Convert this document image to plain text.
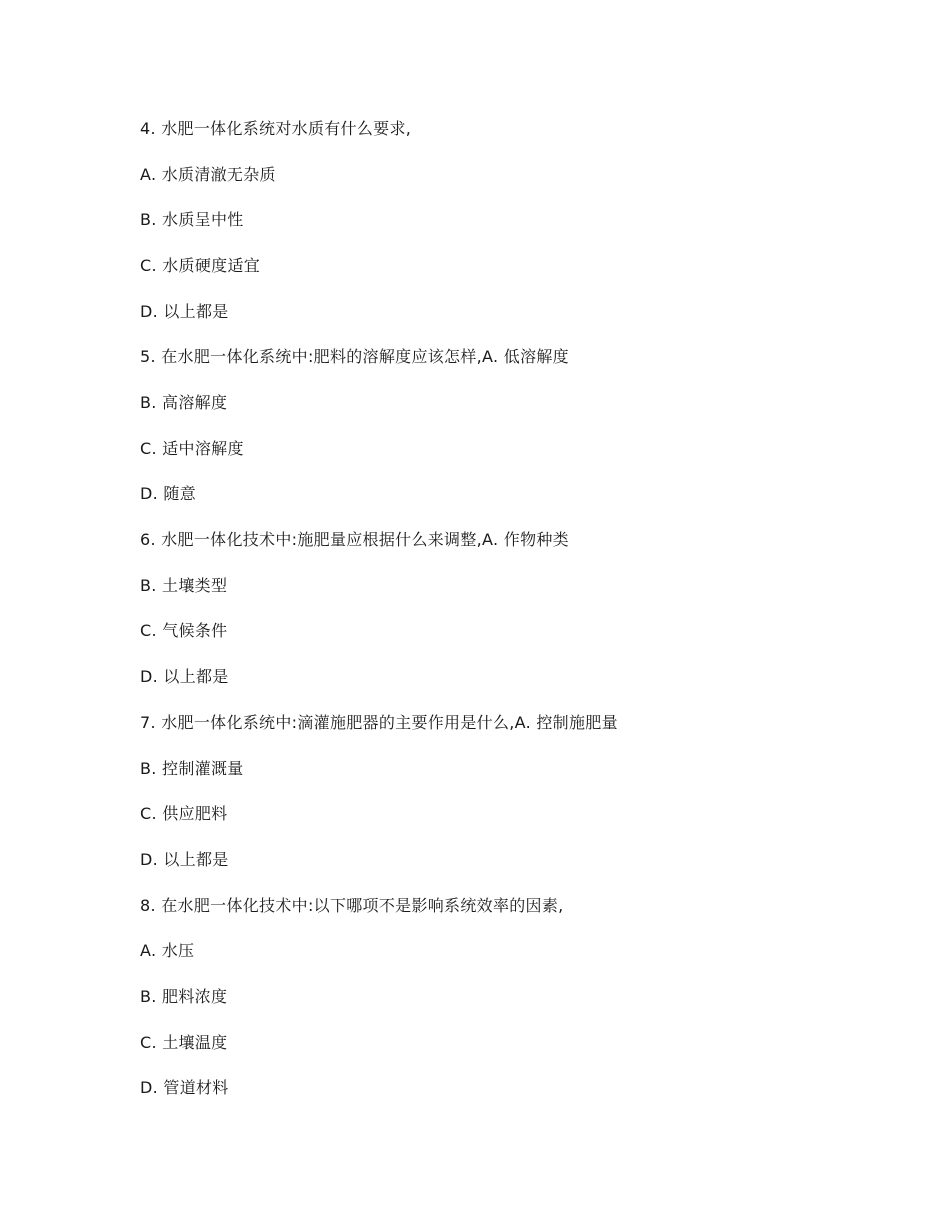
4. 水肥一体化系统对水质有什么要求,
A. 水质清澈无杂质
B. 水质呈中性
C. 水质硬度适宜
D. 以上都是
5. 在水肥一体化系统中:肥料的溶解度应该怎样,A. 低溶解度
B. 高溶解度
C. 适中溶解度
D. 随意
6. 水肥一体化技术中:施肥量应根据什么来调整,A. 作物种类
B. 土壤类型
C. 气候条件
D. 以上都是
7. 水肥一体化系统中:滴灌施肥器的主要作用是什么,A. 控制施肥量
B. 控制灌溉量
C. 供应肥料
D. 以上都是
8. 在水肥一体化技术中:以下哪项不是影响系统效率的因素,
A. 水压
B. 肥料浓度
C. 土壤温度
D. 管道材料
